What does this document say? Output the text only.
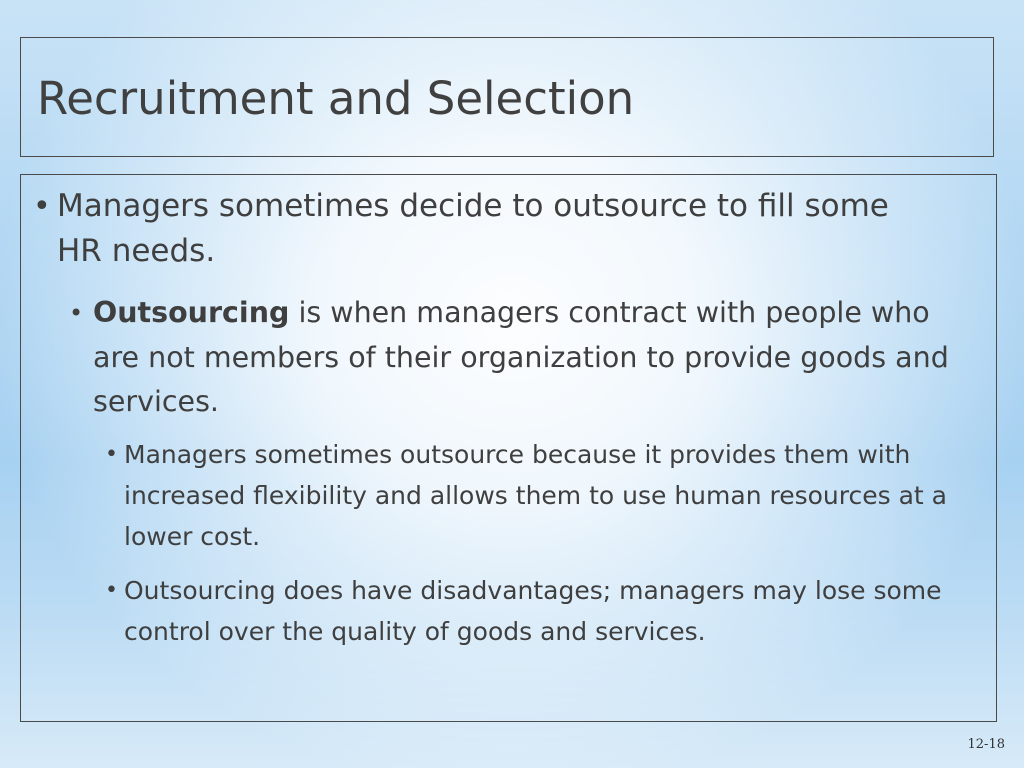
Recruitment and Selection
• Managers sometimes decide to outsource to fill some HR needs.
• Outsourcing is when managers contract with people who are not members of their organization to provide goods and services.
• Managers sometimes outsource because it provides them with increased flexibility and allows them to use human resources at a lower cost.
• Outsourcing does have disadvantages; managers may lose some control over the quality of goods and services.
12-18
